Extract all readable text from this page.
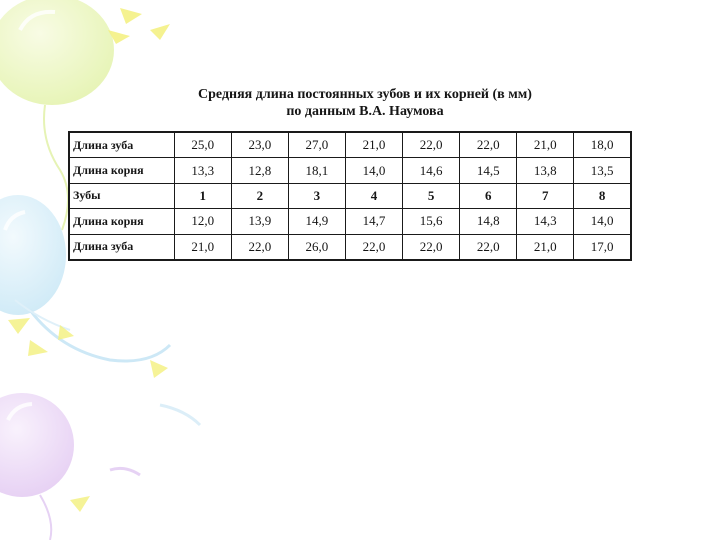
Средняя длина постоянных зубов и их корней (в мм)
по данным В.А. Наумова
Длина зуба	25,0	23,0	27,0	21,0	22,0	22,0	21,0	18,0
Длина корня	13,3	12,8	18,1	14,0	14,6	14,5	13,8	13,5
Зубы	1	2	3	4	5	6	7	8
Длина корня	12,0	13,9	14,9	14,7	15,6	14,8	14,3	14,0
Длина зуба	21,0	22,0	26,0	22,0	22,0	22,0	21,0	17,0
